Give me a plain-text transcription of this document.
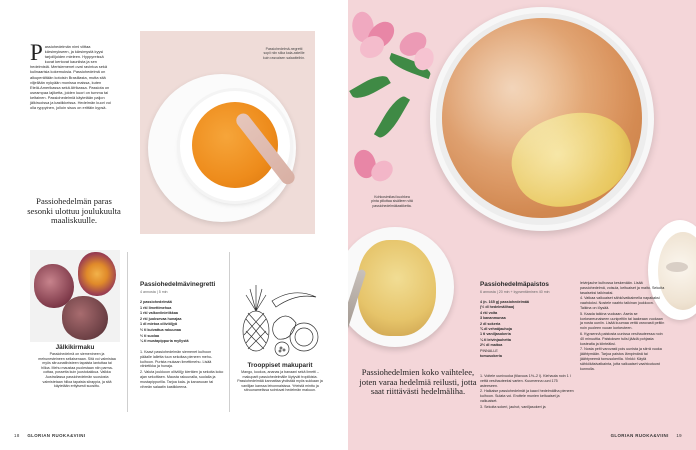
P assiohedelmän nimi viittaa kärsimykseen, ja kärsimystä kyysi tarjoilijoiden mieleen. Hyppyreissä kuvat kertovat kauniista ja sen hedelmistä. Merisiemenet ovat ravintoa sekä kulinaarisia kokemuksia. Passiohedelmä on alkuperältään kotoisin Brasiliasta, mutta sitä viljellään nykyään monissa maissa, kuten Etelä-Amerikassa sekä Afrikassa. Passiota on useampaa lajiketta, joiden kuori on tumma tai keltainen. Passiohedelmiä käytetään paljon jälkiruoissa ja kastikkeissa. Hedelmän kuori voi olla ryppyinen, jolloin sisus on erittäin kypsä.

Passiohedelmän paras sesonki ulottuu joulukuulta maaliskuulle.
Passiohedelmä-negretti sopii niin siika kala-asteille kuin rasvaisen salaatteihin.
Jälkikirmaku
Passiohedelmä on siemenineen ja mehunesteineen sellaisenaan. Sitä voi valmistaa myös sitruunatiivisteen tapaista lantuttaa tai hilloa. Mehu maustaa puolestaan niin parmacottaa, possetta kuin juustokakkua. Valkka Australiassa passiohedelmän suosiosta valmistetaan hilloa tapaista siirappia, ja sitä käytetään erityisesti suosittu.
Passiohedelmävinegretti
4 annosta | 5 min
2 passiohedelmää
1 rkl limettimehua
1 rkl valkoviinietikkaa
2 rkl juoksevaa hunajaa
1 dl mietoa oliiviöljyä
½ tl kuivattua rakuunaa
½ tl suolaa
¼ tl mustapippuria myllystä

1. Kaavi passiohedelmän siemenet kulhoon pääalle lalletta tuun sekoitaa pieneen mehukulhoon. Purista mukaan limettimehu. Lisää viinietikka ja hunaja.

2. Valuta joukkoon oliiviöljy kiertäen ja sekoita koko ajan sekoittaen. Mausta rakuunalla, suolalla ja mustapippurilla. Tarjoa kala- ja kanaruoan tai vihreän salaatin kastikkeena.

Trooppiset makuparit
Mango, kookos, ananas ja banaani sekä limetti – makuparit passiohedelmälle löytyvät tropiikista. Passiohedelmää kannattaa yhdistää myös sukkaan ja vanilijan kanssa leivonnaisissa. Yrteistä minttu ja sitruunamelissa sointuvat hedelmän makuun.
18 GLORIAN RUOKA&VIINI
Kohkosimilasi kuohkea pinta piilottaa sisälleen vitä passiohedelmäkastiketta.
Passiohedelmien koko vaihtelee, joten varaa hedelmiä reilusti, jotta saat riittävästi hedelmäliha.
Passiohedelmäpaistos
6 annosta | 20 min + kypsentäminen 40 min
4 (n. 165 g) passiohedelmää
(½ dl hedelmälihaa)
4 rkl voita
3 kananmunaa
2 dl sokeria
¾ dl vehnäjauhoja
1 tl vaniljasokeria
¼ tl leivinjauhetta
2½ dl maitoa
PINNALLE
tomusokeria

1. Voitele uunivuoka (tilavuus 1½–2 l). Kiehauta noin 1 l vettä vesihauteeksi varten. Kuumenna uuni 175 asteeseen.

2. Halkaise passiohedelmät ja kaavi hedelmäliha pieneen kulhoon. Sulata voi. Erottele munien keltuaiset ja valkuaiset.

3. Sekoita sokeri, jauhot, vaniljasokeri ja

leivinjauhe kulhossa keskenään. Lisää passiohedelmä, voisula, keltuaiset ja maito. Sekoita tasaiseksi taikinaksi.

4. Vatkaa valkuaiset sähkövatkaimella napakaksi vaahdoksi. Nostele vaahto taikinan joukkoon. Taikina on löysää.

5. Kaada taikina vuokaan. Aseta se korkeareunaiseen uunipeltiin tai laakeaan vuokaan ja nosta uuniin. Lisää kuumaa vettä varovasti peltiin noin puoleen vuoan korkeuteen.

6. Kypsennä paistosta uunissa vesihauteessa noin 40 minuuttia. Paistoksen tulisi jäädä pohjasta kostealta ja kiinteäksi.

7. Nosta pelti varovasti pois uunista ja siirrä vuoka jäähtymään. Tarjoa paistos lämpimänä tai jäähtyneenä tomusokerilla. Vinkki: Käytä sähkökäsivatkainta, jotta valkuaiset vaahtoutuvat kunnolla.

GLORIAN RUOKA&VIINI 19
